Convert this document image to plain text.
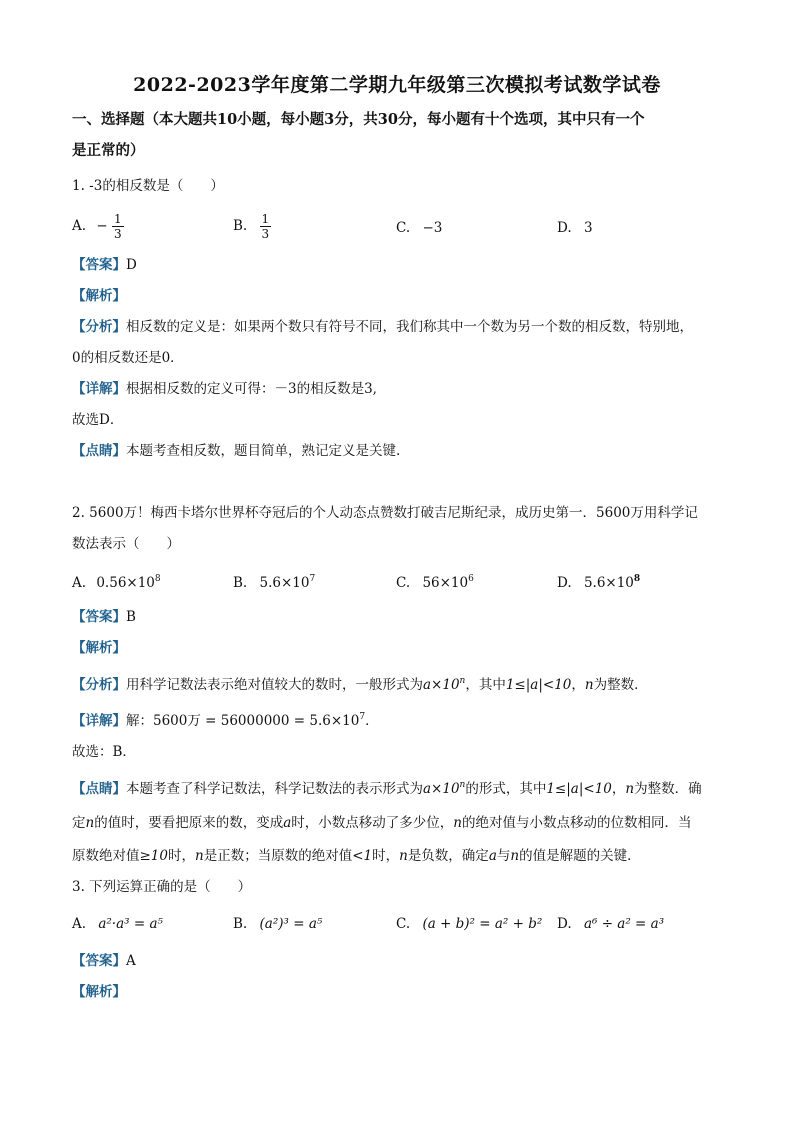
2022-2023学年度第二学期九年级第三次模拟考试数学试卷
一、选择题（本大题共10小题，每小题3分，共30分，每小题有十个选项，其中只有一个
是正常的）
1. -3的相反数是（　　）
A. − $\frac{1}{3}$	B. $\frac{1}{3}$	C. −3	D. 3
【答案】D
【解析】
【分析】相反数的定义是：如果两个数只有符号不同，我们称其中一个数为另一个数的相反数，特别地，
0的相反数还是0．
【详解】根据相反数的定义可得：－3的相反数是3,
故选D．
【点睛】本题考查相反数，题目简单，熟记定义是关键.
2. 5600万！梅西卡塔尔世界杯夺冠后的个人动态点赞数打破吉尼斯纪录，成历史第一．5600万用科学记
数法表示（　　）
A. $0.56\times 10^8$	B. $5.6\times 10^7$	C. $56\times 10^6$	D. $5.6\times 10^8$
【答案】B
【解析】
【分析】用科学记数法表示绝对值较大的数时，一般形式为$a\times 10^n$，其中1≤|a|<10，n为整数．
【详解】解：5600万 = $56000000 = 5.6\times 10^7$．
故选：B．
【点睛】本题考查了科学记数法，科学记数法的表示形式为$a\times 10^n$的形式，其中1≤|a|<10，n为整数．确
定n的值时，要看把原来的数，变成a时，小数点移动了多少位，n的绝对值与小数点移动的位数相同．当
原数绝对值≥10时，n是正数；当原数的绝对值<1时，n是负数，确定a与n的值是解题的关键．
3. 下列运算正确的是（　　）
A. a²·a³ = a⁵	B. (a²)³ = a⁵	C. (a + b)² = a² + b² D. a⁶ ÷ a² = a³
【答案】A
【解析】
